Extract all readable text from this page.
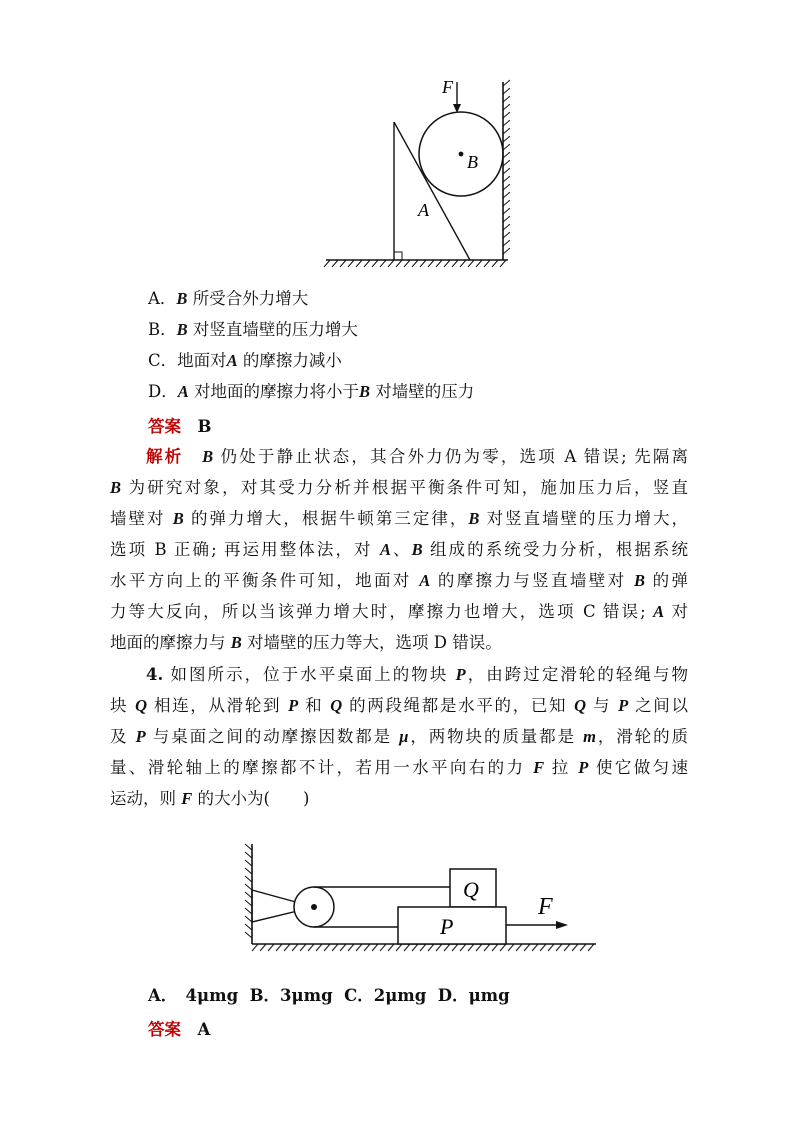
F
B
A
A．B 所受合外力增大
B．B 对竖直墙壁的压力增大
C．地面对A 的摩擦力减小
D．A 对地面的摩擦力将小于B 对墙壁的压力
答案　 B
解析　 B 仍处于静止状态，其合外力仍为零，选项 A 错误; 先隔离
B 为研究对象，对其受力分析并根据平衡条件可知，施加压力后，竖直
墙壁对 B 的弹力增大，根据牛顿第三定律，B 对竖直墙壁的压力增大，
选项 B 正确; 再运用整体法，对 A、B 组成的系统受力分析，根据系统
水平方向上的平衡条件可知，地面对 A 的摩擦力与竖直墙壁对 B 的弹
力等大反向，所以当该弹力增大时，摩擦力也增大，选项 C 错误; A 对
地面的摩擦力与 B 对墙壁的压力等大，选项 D 错误。
4. 如图所示，位于水平桌面上的物块 P，由跨过定滑轮的轻绳与物
块 Q 相连，从滑轮到 P 和 Q 的两段绳都是水平的，已知 Q 与 P 之间以
及 P 与桌面之间的动摩擦因数都是 μ，两物块的质量都是 m，滑轮的质
量、滑轮轴上的摩擦都不计，若用一水平向右的力 F 拉 P 使它做匀速
运动，则 F 的大小为(　　)
Q
P
F
A．　4μmg B．3μmg C．2μmg D．μmg
答案　 A
